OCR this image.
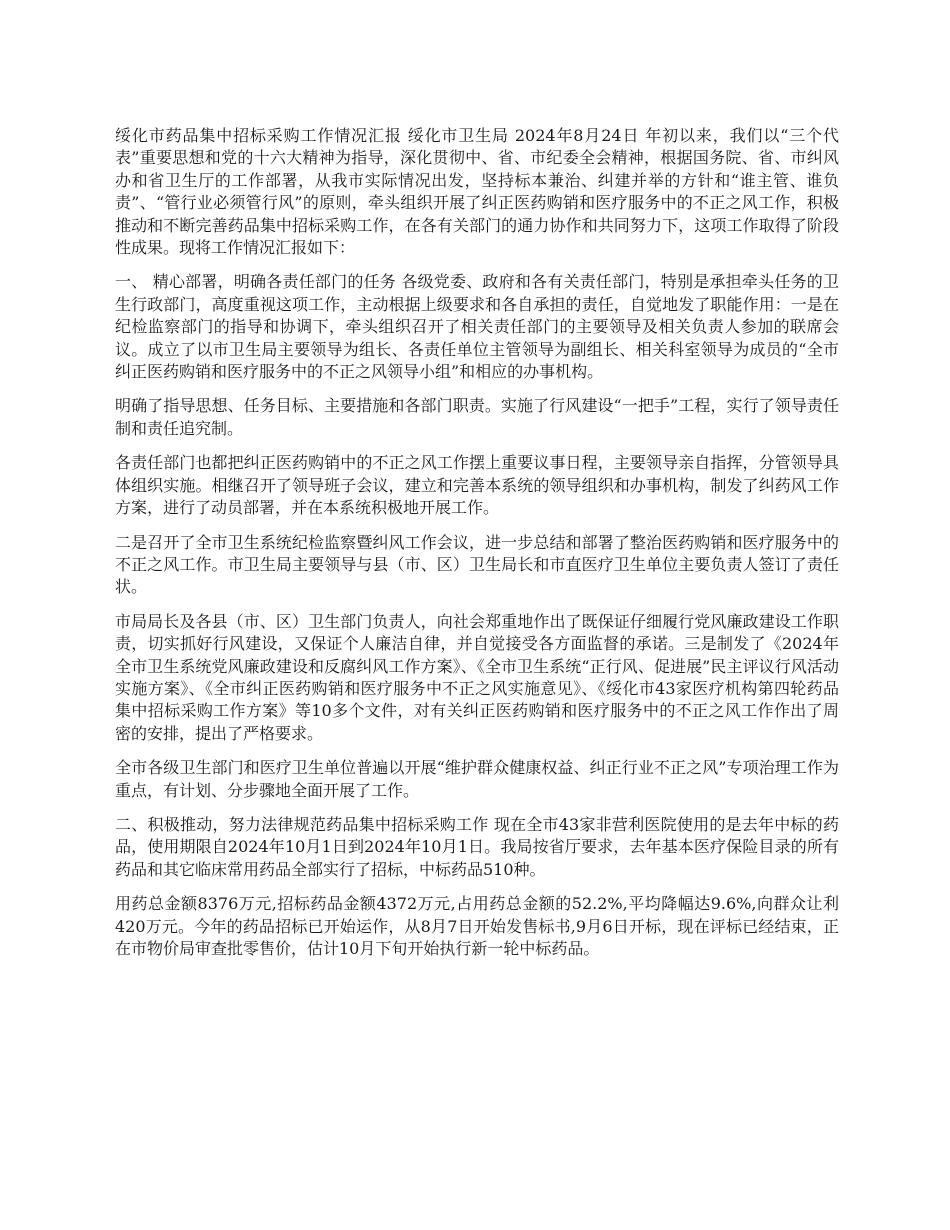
绥化市药品集中招标采购工作情况汇报 绥化市卫生局 2024年8月24日 年初以来，我们以“三个代表”重要思想和党的十六大精神为指导，深化贯彻中、省、市纪委全会精神，根据国务院、省、市纠风办和省卫生厅的工作部署，从我市实际情况出发，坚持标本兼治、纠建并举的方针和“谁主管、谁负责”、“管行业必须管行风”的原则，牵头组织开展了纠正医药购销和医疗服务中的不正之风工作，积极推动和不断完善药品集中招标采购工作，在各有关部门的通力协作和共同努力下，这项工作取得了阶段性成果。现将工作情况汇报如下：

一、 精心部署，明确各责任部门的任务 各级党委、政府和各有关责任部门，特别是承担牵头任务的卫生行政部门，高度重视这项工作，主动根据上级要求和各自承担的责任，自觉地发了职能作用：一是在纪检监察部门的指导和协调下，牵头组织召开了相关责任部门的主要领导及相关负责人参加的联席会议。成立了以市卫生局主要领导为组长、各责任单位主管领导为副组长、相关科室领导为成员的“全市纠正医药购销和医疗服务中的不正之风领导小组”和相应的办事机构。

明确了指导思想、任务目标、主要措施和各部门职责。实施了行风建设“一把手”工程，实行了领导责任制和责任追究制。

各责任部门也都把纠正医药购销中的不正之风工作摆上重要议事日程，主要领导亲自指挥，分管领导具体组织实施。相继召开了领导班子会议，建立和完善本系统的领导组织和办事机构，制发了纠药风工作方案，进行了动员部署，并在本系统积极地开展工作。

二是召开了全市卫生系统纪检监察暨纠风工作会议，进一步总结和部署了整治医药购销和医疗服务中的不正之风工作。市卫生局主要领导与县（市、区）卫生局长和市直医疗卫生单位主要负责人签订了责任状。

市局局长及各县（市、区）卫生部门负责人，向社会郑重地作出了既保证仔细履行党风廉政建设工作职责，切实抓好行风建设，又保证个人廉洁自律，并自觉接受各方面监督的承诺。三是制发了《2024年全市卫生系统党风廉政建设和反腐纠风工作方案》、《全市卫生系统“正行风、促进展”民主评议行风活动实施方案》、《全市纠正医药购销和医疗服务中不正之风实施意见》、《绥化市43家医疗机构第四轮药品集中招标采购工作方案》等10多个文件，对有关纠正医药购销和医疗服务中的不正之风工作作出了周密的安排，提出了严格要求。

全市各级卫生部门和医疗卫生单位普遍以开展“维护群众健康权益、纠正行业不正之风”专项治理工作为重点，有计划、分步骤地全面开展了工作。

二、积极推动，努力法律规范药品集中招标采购工作 现在全市43家非营利医院使用的是去年中标的药品，使用期限自2024年10月1日到2024年10月1日。我局按省厅要求，去年基本医疗保险目录的所有药品和其它临床常用药品全部实行了招标，中标药品510种。

用药总金额8376万元,招标药品金额4372万元,占用药总金额的52.2%,平均降幅达9.6%,向群众让利420万元。今年的药品招标已开始运作，从8月7日开始发售标书,9月6日开标，现在评标已经结束，正在市物价局审查批零售价，估计10月下旬开始执行新一轮中标药品。
